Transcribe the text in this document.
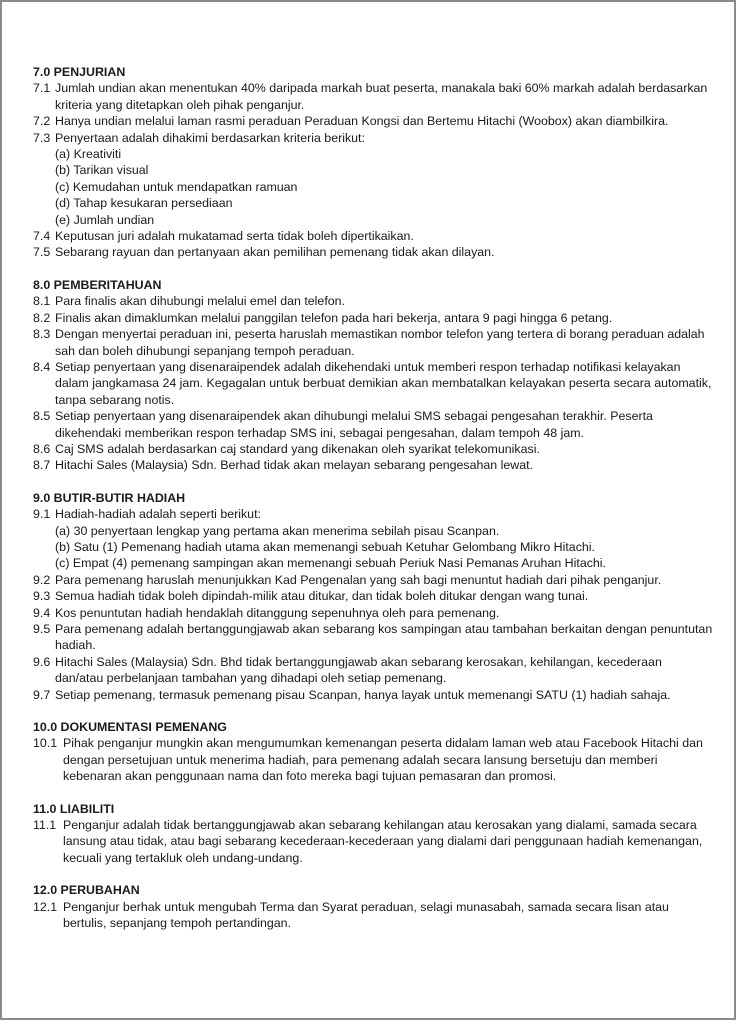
7.0 PENJURIAN
7.1 Jumlah undian akan menentukan 40% daripada markah buat peserta, manakala baki 60% markah adalah berdasarkan kriteria yang ditetapkan oleh pihak penganjur.
7.2 Hanya undian melalui laman rasmi peraduan Peraduan Kongsi dan Bertemu Hitachi (Woobox) akan diambilkira.
7.3 Penyertaan adalah dihakimi berdasarkan kriteria berikut:
(a) Kreativiti
(b) Tarikan visual
(c) Kemudahan untuk mendapatkan ramuan
(d) Tahap kesukaran persediaan
(e) Jumlah undian
7.4 Keputusan juri adalah mukatamad serta tidak boleh dipertikaikan.
7.5 Sebarang rayuan dan pertanyaan akan pemilihan pemenang tidak akan dilayan.
8.0 PEMBERITAHUAN
8.1 Para finalis akan dihubungi melalui emel dan telefon.
8.2 Finalis akan dimaklumkan melalui panggilan telefon pada hari bekerja, antara 9 pagi hingga 6 petang.
8.3 Dengan menyertai peraduan ini, peserta haruslah memastikan nombor telefon yang tertera di borang peraduan adalah sah dan boleh dihubungi sepanjang tempoh peraduan.
8.4 Setiap penyertaan yang disenaraipendek adalah dikehendaki untuk memberi respon terhadap notifikasi kelayakan dalam jangkamasa 24 jam. Kegagalan untuk berbuat demikian akan membatalkan kelayakan peserta secara automatik, tanpa sebarang notis.
8.5 Setiap penyertaan yang disenaraipendek akan dihubungi melalui SMS sebagai pengesahan terakhir. Peserta dikehendaki memberikan respon terhadap SMS ini, sebagai pengesahan, dalam tempoh 48 jam.
8.6 Caj SMS adalah berdasarkan caj standard yang dikenakan oleh syarikat telekomunikasi.
8.7 Hitachi Sales (Malaysia) Sdn. Berhad tidak akan melayan sebarang pengesahan lewat.
9.0 BUTIR-BUTIR HADIAH
9.1 Hadiah-hadiah adalah seperti berikut:
(a) 30 penyertaan lengkap yang pertama akan menerima sebilah pisau Scanpan.
(b) Satu (1) Pemenang hadiah utama akan memenangi sebuah Ketuhar Gelombang Mikro Hitachi.
(c) Empat (4) pemenang sampingan akan memenangi sebuah Periuk Nasi Pemanas Aruhan Hitachi.
9.2 Para pemenang haruslah menunjukkan Kad Pengenalan yang sah bagi menuntut hadiah dari pihak penganjur.
9.3 Semua hadiah tidak boleh dipindah-milik atau ditukar, dan tidak boleh ditukar dengan wang tunai.
9.4 Kos penuntutan hadiah hendaklah ditanggung sepenuhnya oleh para pemenang.
9.5 Para pemenang adalah bertanggungjawab akan sebarang kos sampingan atau tambahan berkaitan dengan penuntutan hadiah.
9.6 Hitachi Sales (Malaysia) Sdn. Bhd tidak bertanggungjawab akan sebarang kerosakan, kehilangan, kecederaan dan/atau perbelanjaan tambahan yang dihadapi oleh setiap pemenang.
9.7 Setiap pemenang, termasuk pemenang pisau Scanpan, hanya layak untuk memenangi SATU (1) hadiah sahaja.
10.0 DOKUMENTASI PEMENANG
10.1 Pihak penganjur mungkin akan mengumumkan kemenangan peserta didalam laman web atau Facebook Hitachi dan dengan persetujuan untuk menerima hadiah, para pemenang adalah secara lansung bersetuju dan memberi kebenaran akan penggunaan nama dan foto mereka bagi tujuan pemasaran dan promosi.
11.0 LIABILITI
11.1 Penganjur adalah tidak bertanggungjawab akan sebarang kehilangan atau kerosakan yang dialami, samada secara lansung atau tidak, atau bagi sebarang kecederaan-kecederaan yang dialami dari penggunaan hadiah kemenangan, kecuali yang tertakluk oleh undang-undang.
12.0 PERUBAHAN
12.1 Penganjur berhak untuk mengubah Terma dan Syarat peraduan, selagi munasabah, samada secara lisan atau bertulis, sepanjang tempoh pertandingan.
